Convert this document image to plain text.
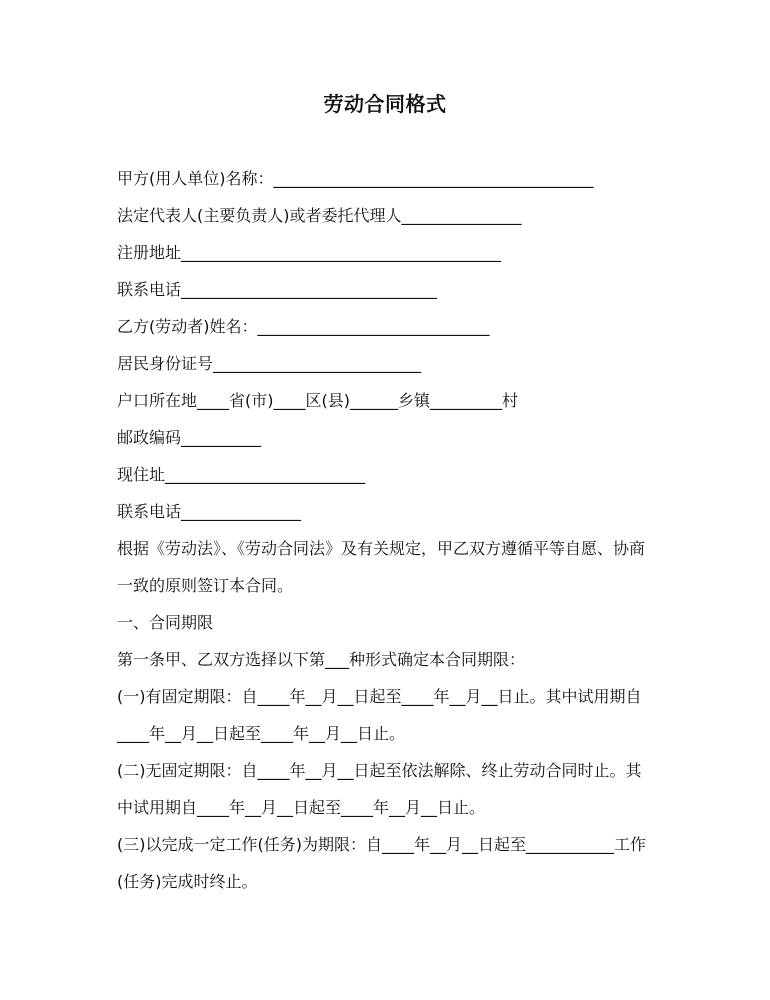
劳动合同格式
甲方(用人单位)名称：________________________________________
法定代表人(主要负责人)或者委托代理人_______________
注册地址________________________________________
联系电话________________________________
乙方(劳动者)姓名：_____________________________
居民身份证号__________________________
户口所在地____省(市)____区(县)______乡镇_________村
邮政编码__________
现住址_________________________
联系电话_______________
根据《劳动法》、《劳动合同法》及有关规定，甲乙双方遵循平等自愿、协商一致的原则签订本合同。
一、合同期限
第一条甲、乙双方选择以下第___种形式确定本合同期限：
(一)有固定期限：自____年__月__日起至____年__月__日止。其中试用期自____年__月__日起至____年__月__日止。
(二)无固定期限：自____年__月__日起至依法解除、终止劳动合同时止。其中试用期自____年__月__日起至____年__月__日止。
(三)以完成一定工作(任务)为期限：自____年__月__日起至___________工作(任务)完成时终止。
